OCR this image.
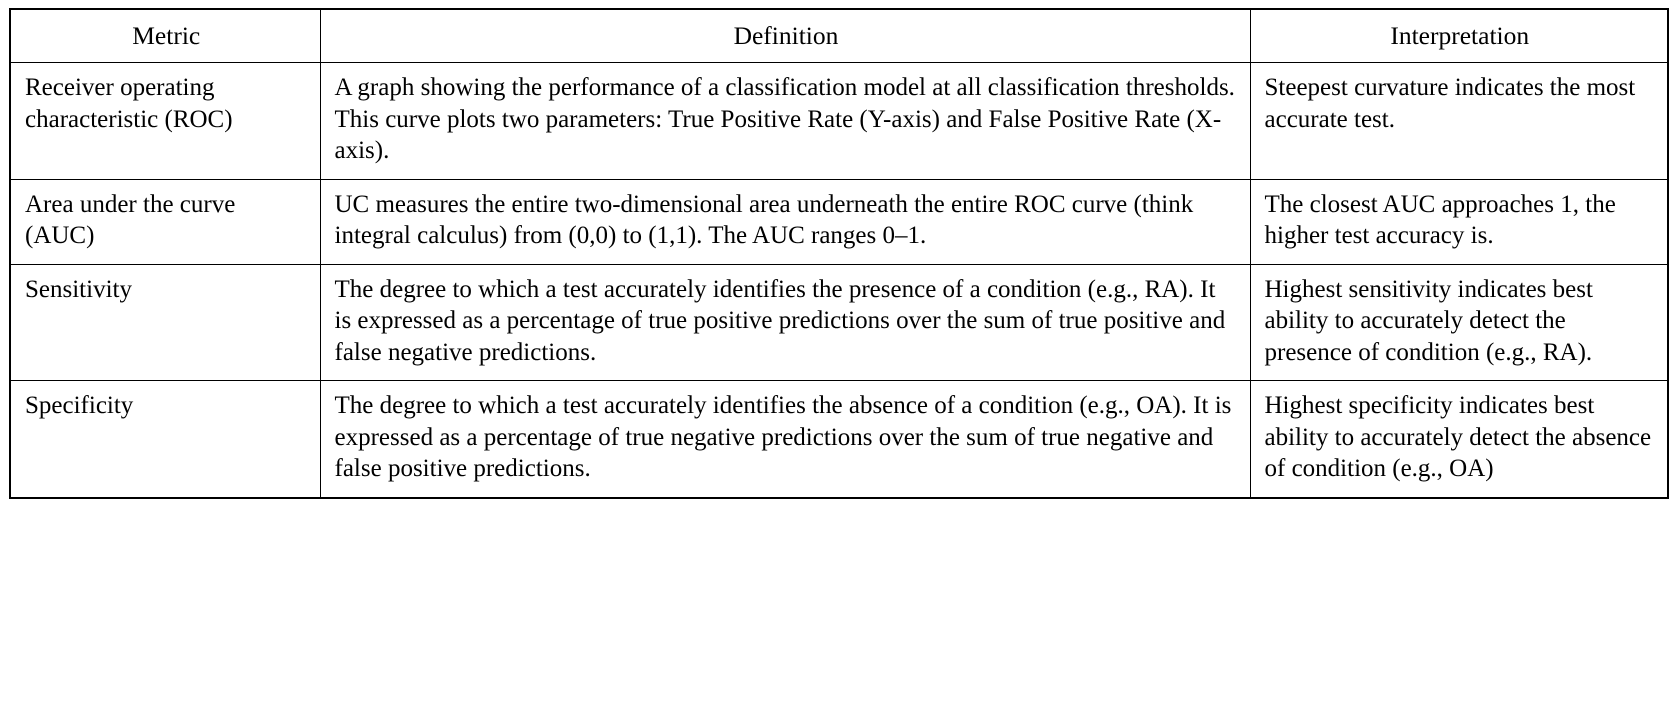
Metric	Definition	Interpretation
Receiver operating characteristic (ROC)	A graph showing the performance of a classification model at all classification thresholds. This curve plots two parameters: True Positive Rate (Y-axis) and False Positive Rate (X-axis).	Steepest curvature indicates the most accurate test.
Area under the curve (AUC)	UC measures the entire two-dimensional area underneath the entire ROC curve (think integral calculus) from (0,0) to (1,1). The AUC ranges 0–1.	The closest AUC approaches 1, the higher test accuracy is.
Sensitivity	The degree to which a test accurately identifies the presence of a condition (e.g., RA). It is expressed as a percentage of true positive predictions over the sum of true positive and false negative predictions.	Highest sensitivity indicates best ability to accurately detect the presence of condition (e.g., RA).
Specificity	The degree to which a test accurately identifies the absence of a condition (e.g., OA). It is expressed as a percentage of true negative predictions over the sum of true negative and false positive predictions.	Highest specificity indicates best ability to accurately detect the absence of condition (e.g., OA)
